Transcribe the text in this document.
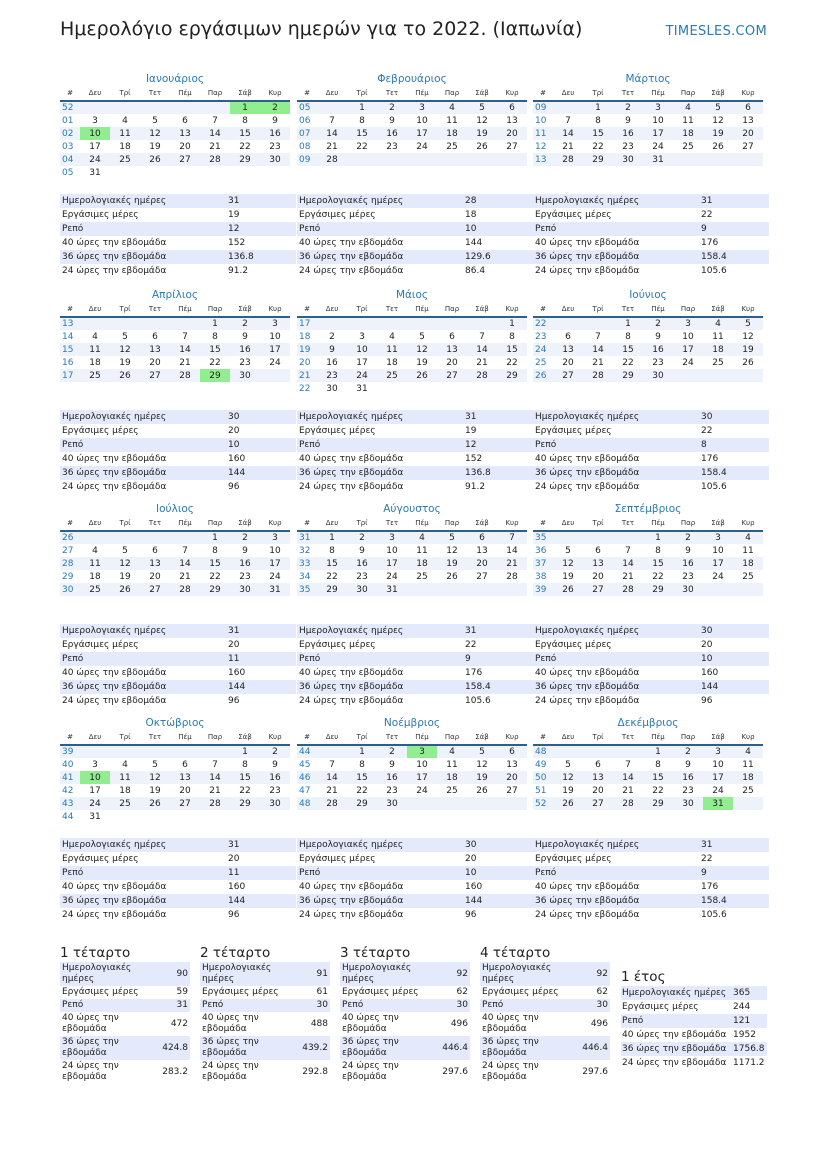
Ημερολόγιο εργάσιμων ημερών για το 2022. (Ιαπωνία)	TIMESLES.COM
Ιανουάριος
#	Δευ	Τρί	Τετ	Πέμ	Παρ	Σάβ	Κυρ
52						1	2
01	3	4	5	6	7	8	9
02	10	11	12	13	14	15	16
03	17	18	19	20	21	22	23
04	24	25	26	27	28	29	30
05	31						
Ημερολογιακές ημέρες	31
Εργάσιμες μέρες	19
Ρεπό	12
40 ώρες την εβδομάδα	152
36 ώρες την εβδομάδα	136.8
24 ώρες την εβδομάδα	91.2
Φεβρουάριος
#	Δευ	Τρί	Τετ	Πέμ	Παρ	Σάβ	Κυρ
05		1	2	3	4	5	6
06	7	8	9	10	11	12	13
07	14	15	16	17	18	19	20
08	21	22	23	24	25	26	27
09	28						
Ημερολογιακές ημέρες	28
Εργάσιμες μέρες	18
Ρεπό	10
40 ώρες την εβδομάδα	144
36 ώρες την εβδομάδα	129.6
24 ώρες την εβδομάδα	86.4
Μάρτιος
#	Δευ	Τρί	Τετ	Πέμ	Παρ	Σάβ	Κυρ
09		1	2	3	4	5	6
10	7	8	9	10	11	12	13
11	14	15	16	17	18	19	20
12	21	22	23	24	25	26	27
13	28	29	30	31			
Ημερολογιακές ημέρες	31
Εργάσιμες μέρες	22
Ρεπό	9
40 ώρες την εβδομάδα	176
36 ώρες την εβδομάδα	158.4
24 ώρες την εβδομάδα	105.6
Απρίλιος
#	Δευ	Τρί	Τετ	Πέμ	Παρ	Σάβ	Κυρ
13					1	2	3
14	4	5	6	7	8	9	10
15	11	12	13	14	15	16	17
16	18	19	20	21	22	23	24
17	25	26	27	28	29	30	
Ημερολογιακές ημέρες	30
Εργάσιμες μέρες	20
Ρεπό	10
40 ώρες την εβδομάδα	160
36 ώρες την εβδομάδα	144
24 ώρες την εβδομάδα	96
Μάιος
#	Δευ	Τρί	Τετ	Πέμ	Παρ	Σάβ	Κυρ
17							1
18	2	3	4	5	6	7	8
19	9	10	11	12	13	14	15
20	16	17	18	19	20	21	22
21	23	24	25	26	27	28	29
22	30	31					
Ημερολογιακές ημέρες	31
Εργάσιμες μέρες	19
Ρεπό	12
40 ώρες την εβδομάδα	152
36 ώρες την εβδομάδα	136.8
24 ώρες την εβδομάδα	91.2
Ιούνιος
#	Δευ	Τρί	Τετ	Πέμ	Παρ	Σάβ	Κυρ
22			1	2	3	4	5
23	6	7	8	9	10	11	12
24	13	14	15	16	17	18	19
25	20	21	22	23	24	25	26
26	27	28	29	30			
Ημερολογιακές ημέρες	30
Εργάσιμες μέρες	22
Ρεπό	8
40 ώρες την εβδομάδα	176
36 ώρες την εβδομάδα	158.4
24 ώρες την εβδομάδα	105.6
Ιούλιος
#	Δευ	Τρί	Τετ	Πέμ	Παρ	Σάβ	Κυρ
26					1	2	3
27	4	5	6	7	8	9	10
28	11	12	13	14	15	16	17
29	18	19	20	21	22	23	24
30	25	26	27	28	29	30	31
Ημερολογιακές ημέρες	31
Εργάσιμες μέρες	20
Ρεπό	11
40 ώρες την εβδομάδα	160
36 ώρες την εβδομάδα	144
24 ώρες την εβδομάδα	96
Αύγουστος
#	Δευ	Τρί	Τετ	Πέμ	Παρ	Σάβ	Κυρ
31	1	2	3	4	5	6	7
32	8	9	10	11	12	13	14
33	15	16	17	18	19	20	21
34	22	23	24	25	26	27	28
35	29	30	31				
Ημερολογιακές ημέρες	31
Εργάσιμες μέρες	22
Ρεπό	9
40 ώρες την εβδομάδα	176
36 ώρες την εβδομάδα	158.4
24 ώρες την εβδομάδα	105.6
Σεπτέμβριος
#	Δευ	Τρί	Τετ	Πέμ	Παρ	Σάβ	Κυρ
35				1	2	3	4
36	5	6	7	8	9	10	11
37	12	13	14	15	16	17	18
38	19	20	21	22	23	24	25
39	26	27	28	29	30		
Ημερολογιακές ημέρες	30
Εργάσιμες μέρες	20
Ρεπό	10
40 ώρες την εβδομάδα	160
36 ώρες την εβδομάδα	144
24 ώρες την εβδομάδα	96
Οκτώβριος
#	Δευ	Τρί	Τετ	Πέμ	Παρ	Σάβ	Κυρ
39						1	2
40	3	4	5	6	7	8	9
41	10	11	12	13	14	15	16
42	17	18	19	20	21	22	23
43	24	25	26	27	28	29	30
44	31						
Ημερολογιακές ημέρες	31
Εργάσιμες μέρες	20
Ρεπό	11
40 ώρες την εβδομάδα	160
36 ώρες την εβδομάδα	144
24 ώρες την εβδομάδα	96
Νοέμβριος
#	Δευ	Τρί	Τετ	Πέμ	Παρ	Σάβ	Κυρ
44		1	2	3	4	5	6
45	7	8	9	10	11	12	13
46	14	15	16	17	18	19	20
47	21	22	23	24	25	26	27
48	28	29	30				
Ημερολογιακές ημέρες	30
Εργάσιμες μέρες	20
Ρεπό	10
40 ώρες την εβδομάδα	160
36 ώρες την εβδομάδα	144
24 ώρες την εβδομάδα	96
Δεκέμβριος
#	Δευ	Τρί	Τετ	Πέμ	Παρ	Σάβ	Κυρ
48				1	2	3	4
49	5	6	7	8	9	10	11
50	12	13	14	15	16	17	18
51	19	20	21	22	23	24	25
52	26	27	28	29	30	31	
Ημερολογιακές ημέρες	31
Εργάσιμες μέρες	22
Ρεπό	9
40 ώρες την εβδομάδα	176
36 ώρες την εβδομάδα	158.4
24 ώρες την εβδομάδα	105.6
1 τέταρτο
Ημερολογιακές ημέρες	90
Εργάσιμες μέρες	59
Ρεπό	31
40 ώρες την εβδομάδα	472
36 ώρες την εβδομάδα	424.8
24 ώρες την εβδομάδα	283.2
2 τέταρτο
Ημερολογιακές ημέρες	91
Εργάσιμες μέρες	61
Ρεπό	30
40 ώρες την εβδομάδα	488
36 ώρες την εβδομάδα	439.2
24 ώρες την εβδομάδα	292.8
3 τέταρτο
Ημερολογιακές ημέρες	92
Εργάσιμες μέρες	62
Ρεπό	30
40 ώρες την εβδομάδα	496
36 ώρες την εβδομάδα	446.4
24 ώρες την εβδομάδα	297.6
4 τέταρτο
Ημερολογιακές ημέρες	92
Εργάσιμες μέρες	62
Ρεπό	30
40 ώρες την εβδομάδα	496
36 ώρες την εβδομάδα	446.4
24 ώρες την εβδομάδα	297.6
1 έτος
Ημερολογιακές ημέρες	365
Εργάσιμες μέρες	244
Ρεπό	121
40 ώρες την εβδομάδα	1952
36 ώρες την εβδομάδα	1756.8
24 ώρες την εβδομάδα	1171.2
